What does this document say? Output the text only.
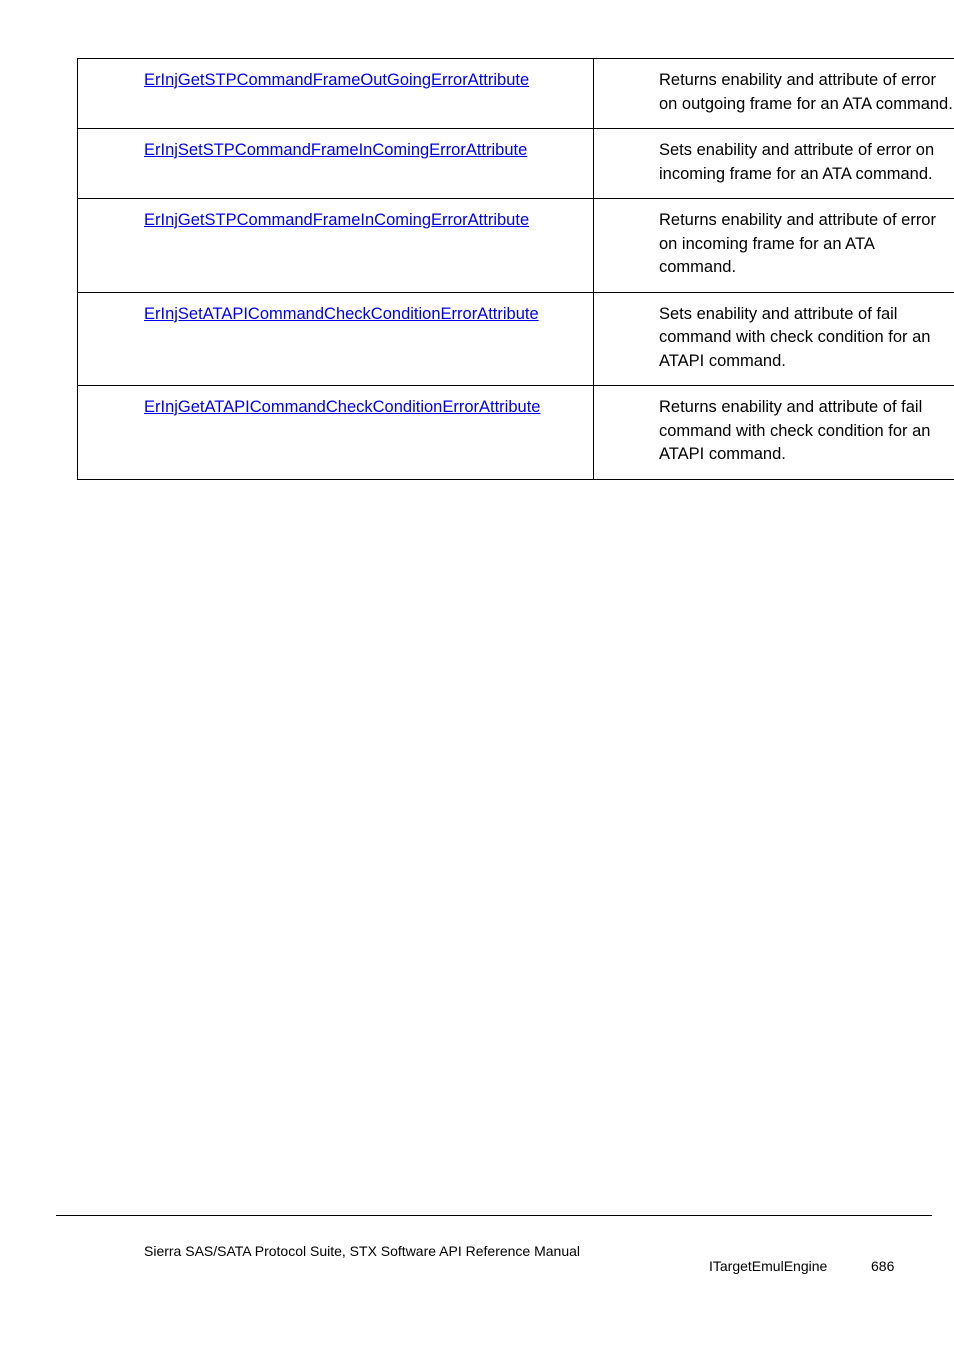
ErInjGetSTPCommandFrameOutGoingErrorAttribute	Returns enability and attribute of error on outgoing frame for an ATA command.
ErInjSetSTPCommandFrameInComingErrorAttribute	Sets enability and attribute of error on incoming frame for an ATA command.
ErInjGetSTPCommandFrameInComingErrorAttribute	Returns enability and attribute of error on incoming frame for an ATA command.
ErInjSetATAPICommandCheckConditionErrorAttribute	Sets enability and attribute of fail command with check condition for an ATAPI command.
ErInjGetATAPICommandCheckConditionErrorAttribute	Returns enability and attribute of fail command with check condition for an ATAPI command.
Sierra SAS/SATA Protocol Suite, STX Software API Reference Manual
ITargetEmulEngine	686
